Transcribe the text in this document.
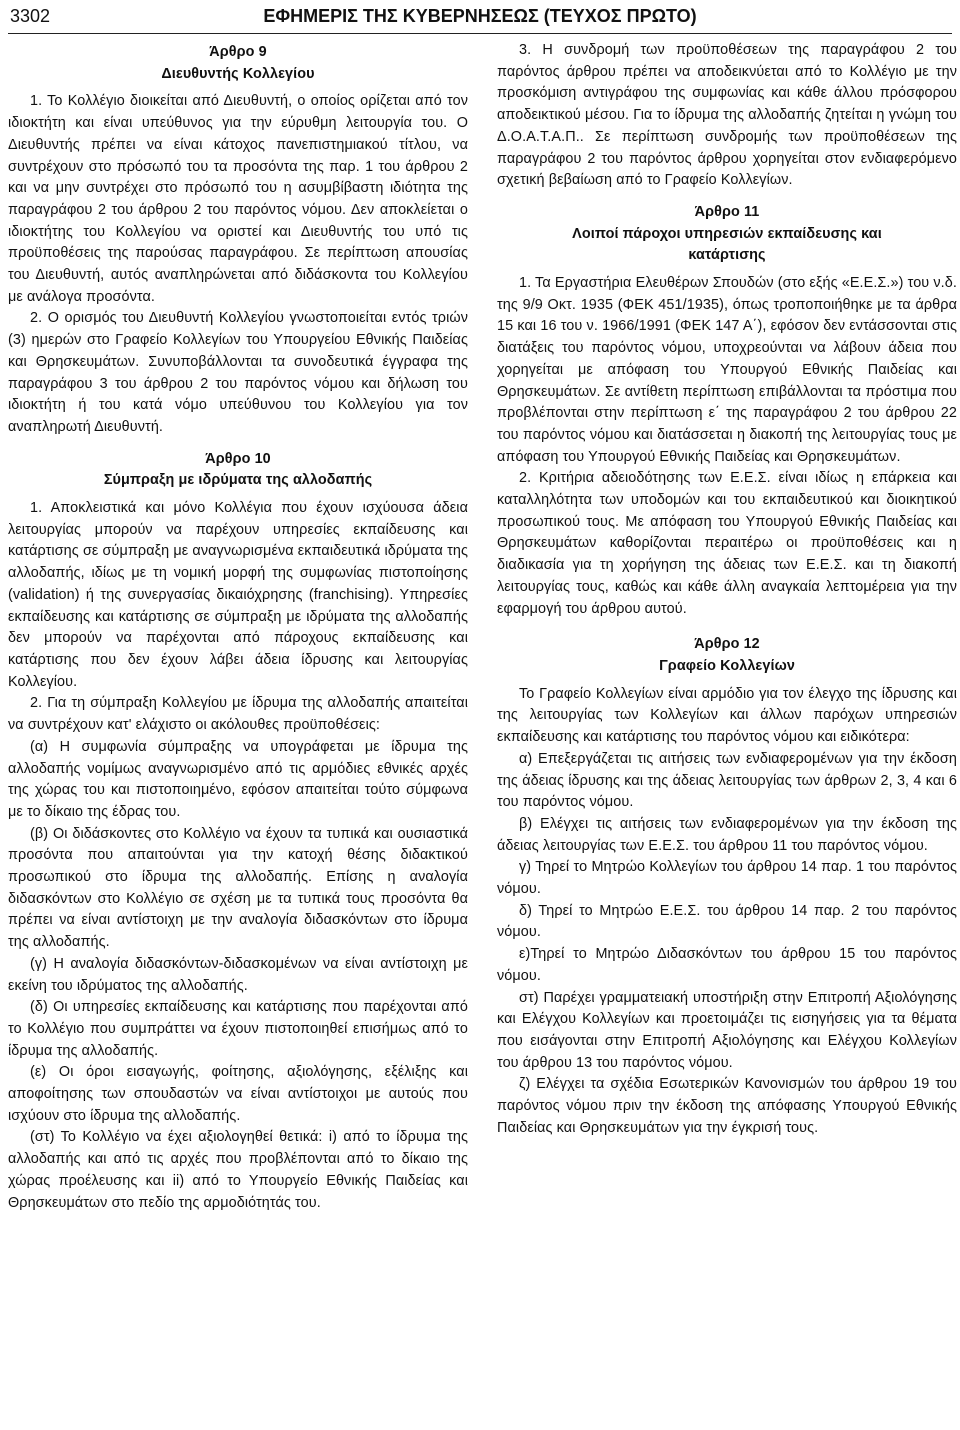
3302	ΕΦΗΜΕΡΙΣ ΤΗΣ ΚΥΒΕΡΝΗΣΕΩΣ (ΤΕΥΧΟΣ ΠΡΩΤΟ)
Άρθρο 9
Διευθυντής Κολλεγίου

1. Το Κολλέγιο διοικείται από Διευθυντή, ο οποίος ορίζεται από τον ιδιοκτήτη και είναι υπεύθυνος για την εύρυθμη λειτουργία του. Ο Διευθυντής πρέπει να είναι κάτοχος πανεπιστημιακού τίτλου, να συντρέχουν στο πρόσωπό του τα προσόντα της παρ. 1 του άρθρου 2 και να μην συντρέχει στο πρόσωπό του η ασυμβίβαστη ιδιότητα της παραγράφου 2 του άρθρου 2 του παρόντος νόμου. Δεν αποκλείεται ο ιδιοκτήτης του Κολλεγίου να οριστεί και Διευθυντής του υπό τις προϋποθέσεις της παρούσας παραγράφου. Σε περίπτωση απουσίας του Διευθυντή, αυτός αναπληρώνεται από διδάσκοντα του Κολλεγίου με ανάλογα προσόντα.

2. Ο ορισμός του Διευθυντή Κολλεγίου γνωστοποιείται εντός τριών (3) ημερών στο Γραφείο Κολλεγίων του Υπουργείου Εθνικής Παιδείας και Θρησκευμάτων. Συνυποβάλλονται τα συνοδευτικά έγγραφα της παραγράφου 3 του άρθρου 2 του παρόντος νόμου και δήλωση του ιδιοκτήτη ή του κατά νόμο υπεύθυνου του Κολλεγίου για τον αναπληρωτή Διευθυντή.

Άρθρο 10
Σύμπραξη με ιδρύματα της αλλοδαπής

1. Αποκλειστικά και μόνο Κολλέγια που έχουν ισχύουσα άδεια λειτουργίας μπορούν να παρέχουν υπηρεσίες εκπαίδευσης και κατάρτισης σε σύμπραξη με αναγνωρισμένα εκπαιδευτικά ιδρύματα της αλλοδαπής, ιδίως με τη νομική μορφή της συμφωνίας πιστοποίησης (validation) ή της συνεργασίας δικαιόχρησης (franchising). Υπηρεσίες εκπαίδευσης και κατάρτισης σε σύμπραξη με ιδρύματα της αλλοδαπής δεν μπορούν να παρέχονται από πάροχους εκπαίδευσης και κατάρτισης που δεν έχουν λάβει άδεια ίδρυσης και λειτουργίας Κολλεγίου.

2. Για τη σύμπραξη Κολλεγίου με ίδρυμα της αλλοδαπής απαιτείται να συντρέχουν κατ' ελάχιστο οι ακόλουθες προϋποθέσεις:

(α) Η συμφωνία σύμπραξης να υπογράφεται με ίδρυμα της αλλοδαπής νομίμως αναγνωρισμένο από τις αρμόδιες εθνικές αρχές της χώρας του και πιστοποιημένο, εφόσον απαιτείται τούτο σύμφωνα με το δίκαιο της έδρας του.

(β) Οι διδάσκοντες στο Κολλέγιο να έχουν τα τυπικά και ουσιαστικά προσόντα που απαιτούνται για την κατοχή θέσης διδακτικού προσωπικού στο ίδρυμα της αλλοδαπής. Επίσης η αναλογία διδασκόντων στο Κολλέγιο σε σχέση με τα τυπικά τους προσόντα θα πρέπει να είναι αντίστοιχη με την αναλογία διδασκόντων στο ίδρυμα της αλλοδαπής.

(γ) Η αναλογία διδασκόντων-διδασκομένων να είναι αντίστοιχη με εκείνη του ιδρύματος της αλλοδαπής.

(δ) Οι υπηρεσίες εκπαίδευσης και κατάρτισης που παρέχονται από το Κολλέγιο που συμπράττει να έχουν πιστοποιηθεί επισήμως από το ίδρυμα της αλλοδαπής.

(ε) Οι όροι εισαγωγής, φοίτησης, αξιολόγησης, εξέλιξης και αποφοίτησης των σπουδαστών να είναι αντίστοιχοι με αυτούς που ισχύουν στο ίδρυμα της αλλοδαπής.

(στ) Το Κολλέγιο να έχει αξιολογηθεί θετικά: i) από το ίδρυμα της αλλοδαπής και από τις αρχές που προβλέπονται από το δίκαιο της χώρας προέλευσης και ii) από το Υπουργείο Εθνικής Παιδείας και Θρησκευμάτων στο πεδίο της αρμοδιότητάς του.

3. Η συνδρομή των προϋποθέσεων της παραγράφου 2 του παρόντος άρθρου πρέπει να αποδεικνύεται από το Κολλέγιο με την προσκόμιση αντιγράφου της συμφωνίας και κάθε άλλου πρόσφορου αποδεικτικού μέσου. Για το ίδρυμα της αλλοδαπής ζητείται η γνώμη του Δ.Ο.Α.Τ.Α.Π.. Σε περίπτωση συνδρομής των προϋποθέσεων της παραγράφου 2 του παρόντος άρθρου χορηγείται στον ενδιαφερόμενο σχετική βεβαίωση από το Γραφείο Κολλεγίων.

Άρθρο 11
Λοιποί πάροχοι υπηρεσιών εκπαίδευσης και κατάρτισης

1. Τα Εργαστήρια Ελευθέρων Σπουδών (στο εξής «Ε.Ε.Σ.») του ν.δ. της 9/9 Οκτ. 1935 (ΦΕΚ 451/1935), όπως τροποποιήθηκε με τα άρθρα 15 και 16 του ν. 1966/1991 (ΦΕΚ 147 Α΄), εφόσον δεν εντάσσονται στις διατάξεις του παρόντος νόμου, υποχρεούνται να λάβουν άδεια που χορηγείται με απόφαση του Υπουργού Εθνικής Παιδείας και Θρησκευμάτων. Σε αντίθετη περίπτωση επιβάλλονται τα πρόστιμα που προβλέπονται στην περίπτωση ε΄ της παραγράφου 2 του άρθρου 22 του παρόντος νόμου και διατάσσεται η διακοπή της λειτουργίας τους με απόφαση του Υπουργού Εθνικής Παιδείας και Θρησκευμάτων.

2. Κριτήρια αδειοδότησης των Ε.Ε.Σ. είναι ιδίως η επάρκεια και καταλληλότητα των υποδομών και του εκπαιδευτικού και διοικητικού προσωπικού τους. Με απόφαση του Υπουργού Εθνικής Παιδείας και Θρησκευμάτων καθορίζονται περαιτέρω οι προϋποθέσεις και η διαδικασία για τη χορήγηση της άδειας των Ε.Ε.Σ. και τη διακοπή λειτουργίας τους, καθώς και κάθε άλλη αναγκαία λεπτομέρεια για την εφαρμογή του άρθρου αυτού.

Άρθρο 12
Γραφείο Κολλεγίων

Το Γραφείο Κολλεγίων είναι αρμόδιο για τον έλεγχο της ίδρυσης και της λειτουργίας των Κολλεγίων και άλλων παρόχων υπηρεσιών εκπαίδευσης και κατάρτισης του παρόντος νόμου και ειδικότερα:

α) Επεξεργάζεται τις αιτήσεις των ενδιαφερομένων για την έκδοση της άδειας ίδρυσης και της άδειας λειτουργίας των άρθρων 2, 3, 4 και 6 του παρόντος νόμου.

β) Ελέγχει τις αιτήσεις των ενδιαφερομένων για την έκδοση της άδειας λειτουργίας των Ε.Ε.Σ. του άρθρου 11 του παρόντος νόμου.

γ) Τηρεί το Μητρώο Κολλεγίων του άρθρου 14 παρ. 1 του παρόντος νόμου.

δ) Τηρεί το Μητρώο Ε.Ε.Σ. του άρθρου 14 παρ. 2 του παρόντος νόμου.

ε)Τηρεί το Μητρώο Διδασκόντων του άρθρου 15 του παρόντος νόμου.

στ) Παρέχει γραμματειακή υποστήριξη στην Επιτροπή Αξιολόγησης και Ελέγχου Κολλεγίων και προετοιμάζει τις εισηγήσεις για τα θέματα που εισάγονται στην Επιτροπή Αξιολόγησης και Ελέγχου Κολλεγίων του άρθρου 13 του παρόντος νόμου.

ζ) Ελέγχει τα σχέδια Εσωτερικών Κανονισμών του άρθρου 19 του παρόντος νόμου πριν την έκδοση της απόφασης Υπουργού Εθνικής Παιδείας και Θρησκευμάτων για την έγκρισή τους.
